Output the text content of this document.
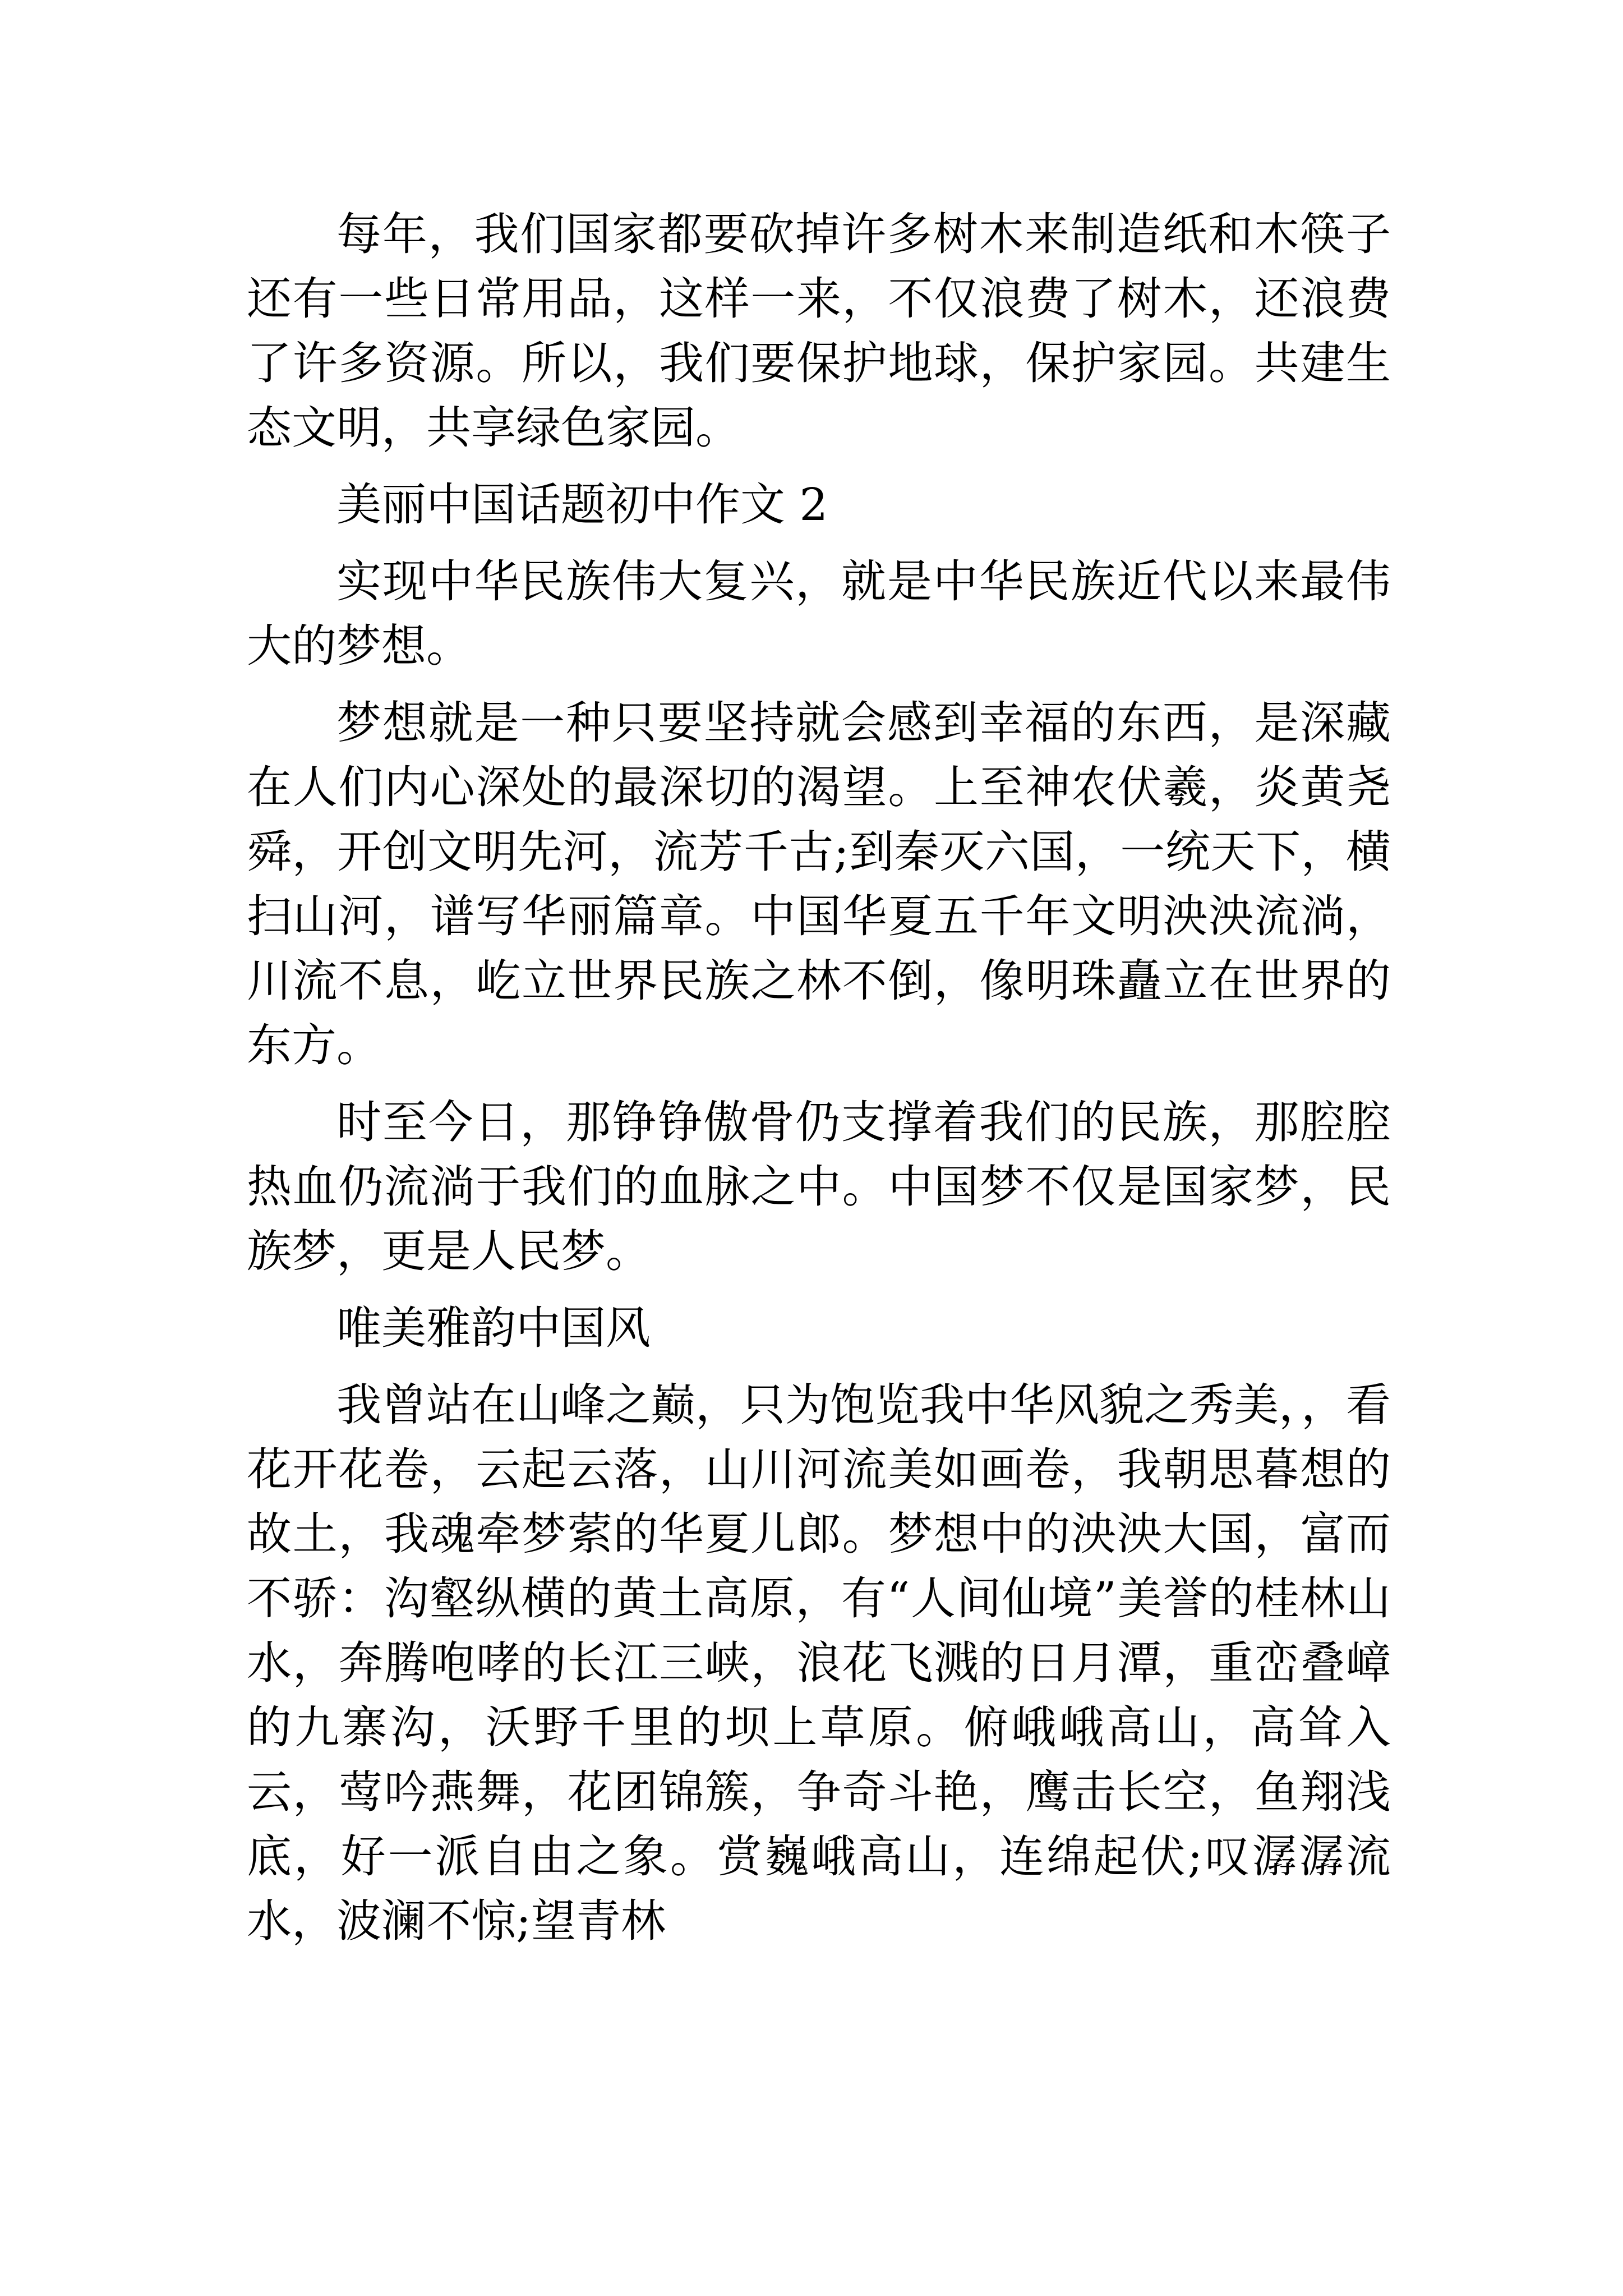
每年，我们国家都要砍掉许多树木来制造纸和木筷子还有一些日常用品，这样一来，不仅浪费了树木，还浪费了许多资源。所以，我们要保护地球，保护家园。共建生态文明，共享绿色家园。

美丽中国话题初中作文 2

实现中华民族伟大复兴，就是中华民族近代以来最伟大的梦想。

梦想就是一种只要坚持就会感到幸福的东西，是深藏在人们内心深处的最深切的渴望。上至神农伏羲，炎黄尧舜，开创文明先河，流芳千古;到秦灭六国，一统天下，横扫山河，谱写华丽篇章。中国华夏五千年文明泱泱流淌，川流不息，屹立世界民族之林不倒，像明珠矗立在世界的东方。

时至今日，那铮铮傲骨仍支撑着我们的民族，那腔腔热血仍流淌于我们的血脉之中。中国梦不仅是国家梦，民族梦，更是人民梦。

唯美雅韵中国风

我曾站在山峰之巅，只为饱览我中华风貌之秀美，，看花开花卷，云起云落，山川河流美如画卷，我朝思暮想的故土，我魂牵梦萦的华夏儿郎。梦想中的泱泱大国，富而不骄：沟壑纵横的黄土高原，有“人间仙境”美誉的桂林山水，奔腾咆哮的长江三峡，浪花飞溅的日月潭，重峦叠嶂的九寨沟，沃野千里的坝上草原。俯峨峨高山，高耸入云，莺吟燕舞，花团锦簇，争奇斗艳，鹰击长空，鱼翔浅底，好一派自由之象。赏巍峨高山，连绵起伏;叹潺潺流水，波澜不惊;望青林
